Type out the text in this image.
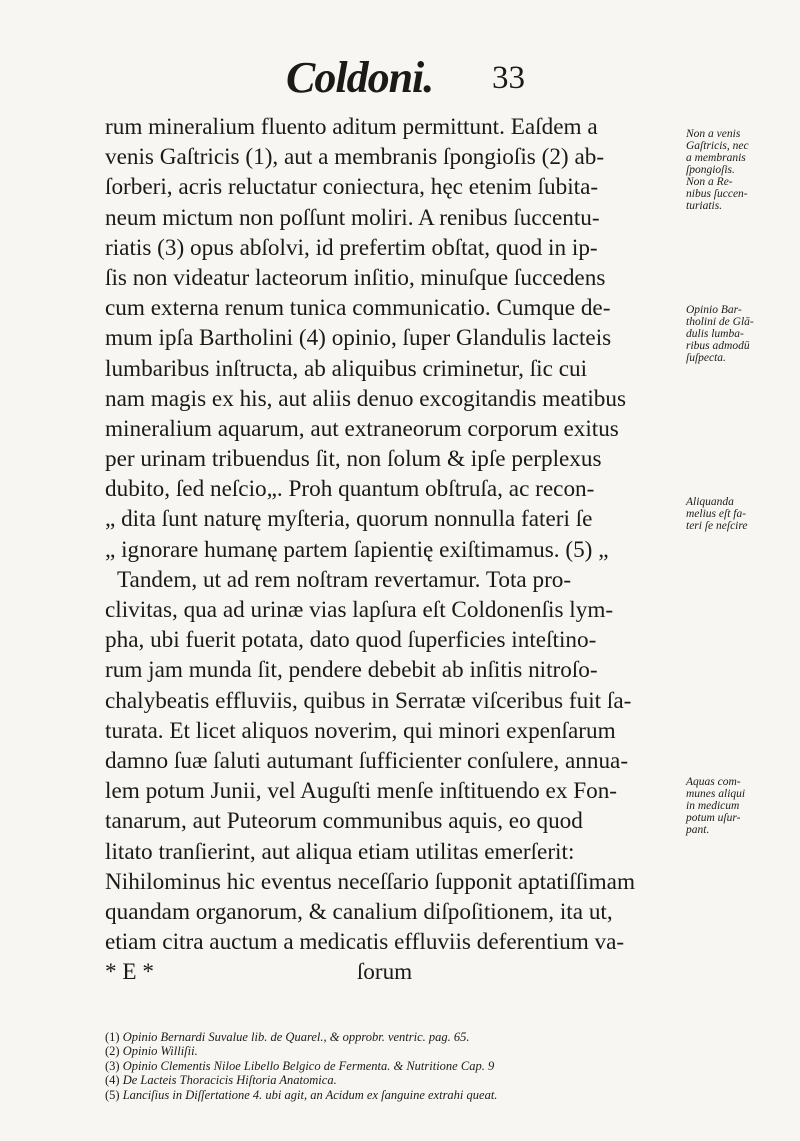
Coldoni. 33
rum mineralium fluento aditum permittunt. Eaſdem a
venis Gaſtricis (1), aut a membranis ſpongioſis (2) ab-
ſorberi, acris reluctatur coniectura, hęc etenim ſubita-
neum mictum non poſſunt moliri. A renibus ſuccentu-
riatis (3) opus abſolvi, id prefertim obſtat, quod in ip-
ſis non videatur lacteorum inſitio, minuſque ſuccedens
cum externa renum tunica communicatio. Cumque de-
mum ipſa Bartholini (4) opinio, ſuper Glandulis lacteis
lumbaribus inſtructa, ab aliquibus criminetur, ſic cui
nam magis ex his, aut aliis denuo excogitandis meatibus
mineralium aquarum, aut extraneorum corporum exitus
per urinam tribuendus ſit, non ſolum & ipſe perplexus
dubito, ſed neſcio„. Proh quantum obſtruſa, ac recon-
„ dita ſunt naturę myſteria, quorum nonnulla fateri ſe
„ ignorare humanę partem ſapientię exiſtimamus. (5) „
Tandem, ut ad rem noſtram revertamur. Tota pro-
clivitas, qua ad urinæ vias lapſura eſt Coldonenſis lym-
pha, ubi fuerit potata, dato quod ſuperficies inteſtino-
rum jam munda ſit, pendere debebit ab inſitis nitroſo-
chalybeatis effluviis, quibus in Serratæ viſceribus fuit ſa-
turata. Et licet aliquos noverim, qui minori expenſarum
damno ſuæ ſaluti autumant ſufficienter conſulere, annua-
lem potum Junii, vel Auguſti menſe inſtituendo ex Fon-
tanarum, aut Puteorum communibus aquis, eo quod
litato tranſierint, aut aliqua etiam utilitas emerſerit:
Nihilominus hic eventus neceſſario ſupponit aptatiſſimam
quandam organorum, & canalium diſpoſitionem, ita ut,
etiam citra auctum a medicatis effluviis deferentium va-
* E *                                   ſorum
Non a venis
Gaſtricis, nec
a membranis
ſpongioſis.
Non a Re-
nibus ſuccen-
turiatis.
Opinio Bar-
tholini de Glā-
dulis lumba-
ribus admodū
ſuſpecta.
Aliquanda
melius eſt fa-
teri ſe neſcire
Aquas com-
munes aliqui
in medicum
potum uſur-
pant.
(1) Opinio Bernardi Suvalue lib. de Quarel., & opprobr. ventric. pag. 65.
(2) Opinio Williſii.
(3) Opinio Clementis Niloe Libello Belgico de Fermenta. & Nutritione Cap. 9
(4) De Lacteis Thoracicis Hiſtoria Anatomica.
(5) Lanciſius in Diſſertatione 4. ubi agit, an Acidum ex ſanguine extrahi queat.
